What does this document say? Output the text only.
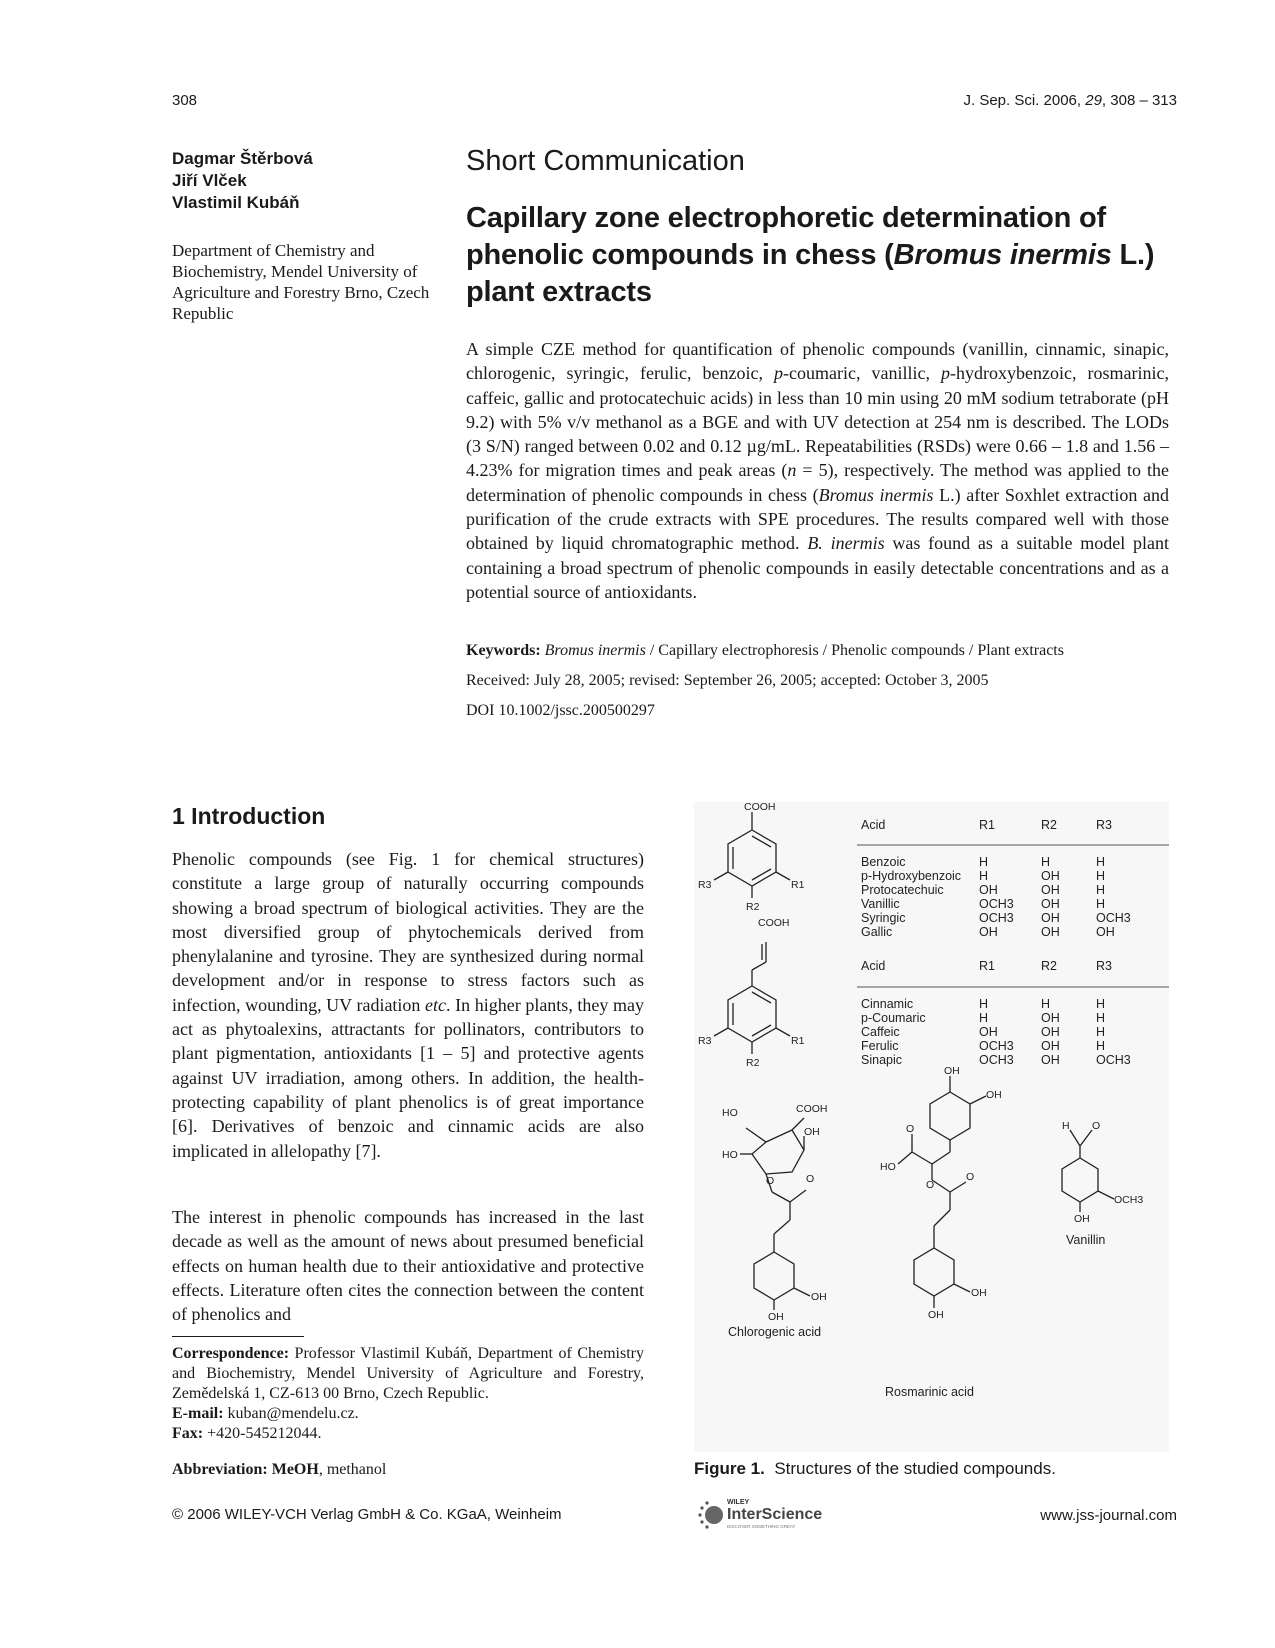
308	J. Sep. Sci. 2006, 29, 308 – 313
Dagmar Štěrbová
Jiří Vlček
Vlastimil Kubáň
Department of Chemistry and Biochemistry, Mendel University of Agriculture and Forestry Brno, Czech Republic
Short Communication
Capillary zone electrophoretic determination of phenolic compounds in chess (Bromus inermis L.) plant extracts

A simple CZE method for quantification of phenolic compounds (vanillin, cinnamic, sinapic, chlorogenic, syringic, ferulic, benzoic, p-coumaric, vanillic, p-hydroxybenzoic, rosmarinic, caffeic, gallic and protocatechuic acids) in less than 10 min using 20 mM sodium tetraborate (pH 9.2) with 5% v/v methanol as a BGE and with UV detection at 254 nm is described. The LODs (3 S/N) ranged between 0.02 and 0.12 µg/mL. Repeatabilities (RSDs) were 0.66 – 1.8 and 1.56 – 4.23% for migration times and peak areas (n = 5), respectively. The method was applied to the determination of phenolic compounds in chess (Bromus inermis L.) after Soxhlet extraction and purification of the crude extracts with SPE procedures. The results compared well with those obtained by liquid chromatographic method. B. inermis was found as a suitable model plant containing a broad spectrum of phenolic compounds in easily detectable concentrations and as a potential source of antioxidants.

Keywords: Bromus inermis / Capillary electrophoresis / Phenolic compounds / Plant extracts
Received: July 28, 2005; revised: September 26, 2005; accepted: October 3, 2005
DOI 10.1002/jssc.200500297
1 Introduction

Phenolic compounds (see Fig. 1 for chemical structures) constitute a large group of naturally occurring compounds showing a broad spectrum of biological activities. They are the most diversified group of phytochemicals derived from phenylalanine and tyrosine. They are synthesized during normal development and/or in response to stress factors such as infection, wounding, UV radiation etc. In higher plants, they may act as phytoalexins, attractants for pollinators, contributors to plant pigmentation, antioxidants [1 – 5] and protective agents against UV irradiation, among others. In addition, the health-protecting capability of plant phenolics is of great importance [6]. Derivatives of benzoic and cinnamic acids are also implicated in allelopathy [7].

The interest in phenolic compounds has increased in the last decade as well as the amount of news about presumed beneficial effects on human health due to their antioxidative and protective effects. Literature often cites the connection between the content of phenolics and

Correspondence: Professor Vlastimil Kubáň, Department of Chemistry and Biochemistry, Mendel University of Agriculture and Forestry, Zemědelská 1, CZ-613 00 Brno, Czech Republic.
E-mail: kuban@mendelu.cz.
Fax: +420-545212044.
Abbreviation: MeOH, methanol
COOH
R1
R3
R2
Acid	R1	R2	R3
Benzoic	H	H	H
p-Hydroxybenzoic H	OH	H
Protocatechuic	OH	OH	H
Vanillic	OCH3 OH	H
Syringic	OCH3 OH	OCH3
Gallic	OH	OH	OH
COOH
R1
R3
R2
Acid	R1	R2	R3
Cinnamic	H	H	H
p-Coumaric	H	OH	H
Caffeic	OH	OH	H
Ferulic	OCH3 OH	H
Sinapic	OCH3 OH	OCH3
COOH
OH
HO
HO
O	O
OH
OH
Chlorogenic acid
OH
OH
O
HO
O
O
OH
OH
Rosmarinic acid
H O
OCH3
OH
Vanillin
Figure 1. Structures of the studied compounds.
© 2006 WILEY-VCH Verlag GmbH & Co. KGaA, Weinheim
WILEY
InterScience
DISCOVER SOMETHING GREAT
www.jss-journal.com
